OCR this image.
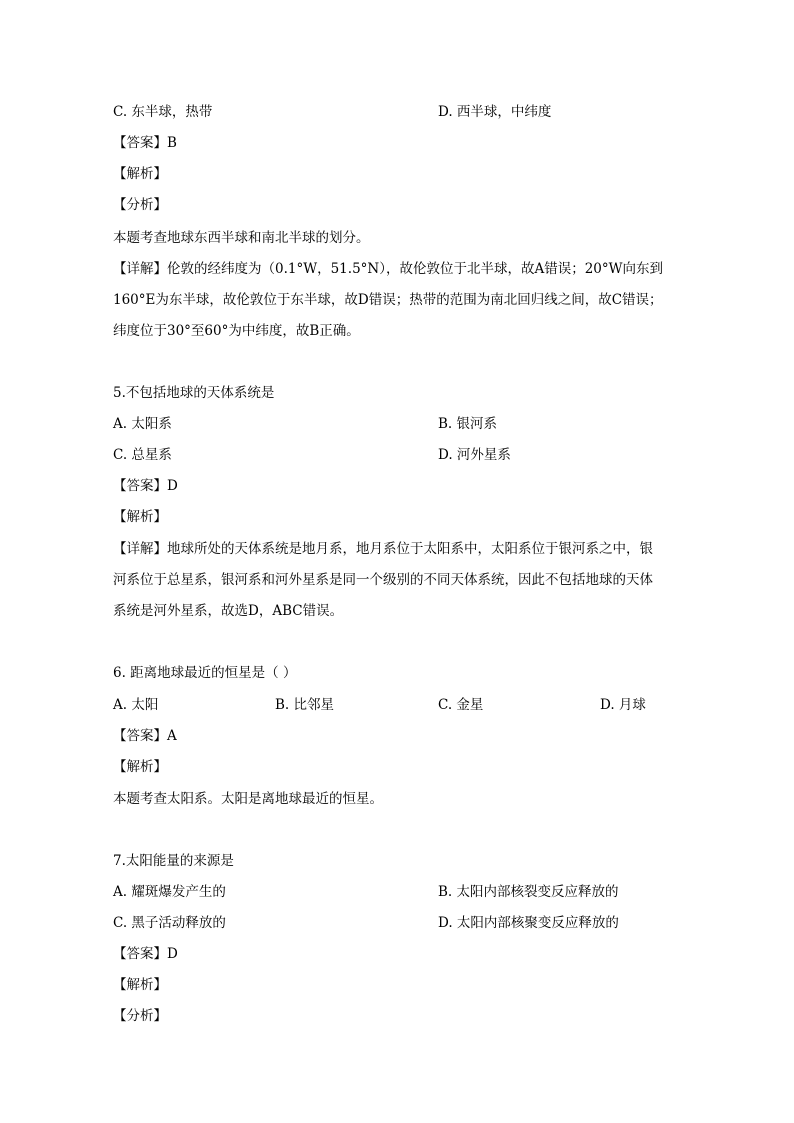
C. 东半球，热带	D. 西半球，中纬度
【答案】B
【解析】
【分析】
本题考查地球东西半球和南北半球的划分。
【详解】伦敦的经纬度为（0.1°W，51.5°N），故伦敦位于北半球，故A错误；20°W向东到
160°E为东半球，故伦敦位于东半球，故D错误；热带的范围为南北回归线之间，故C错误；
纬度位于30°至60°为中纬度，故B正确。
5.不包括地球的天体系统是
A. 太阳系	B. 银河系
C. 总星系	D. 河外星系
【答案】D
【解析】
【详解】地球所处的天体系统是地月系，地月系位于太阳系中，太阳系位于银河系之中，银
河系位于总星系，银河系和河外星系是同一个级别的不同天体系统，因此不包括地球的天体
系统是河外星系，故选D，ABC错误。
6. 距离地球最近的恒星是（ ）
A. 太阳	B. 比邻星	C. 金星	D. 月球
【答案】A
【解析】
本题考查太阳系。太阳是离地球最近的恒星。
7.太阳能量的来源是
A. 耀斑爆发产生的	B. 太阳内部核裂变反应释放的
C. 黑子活动释放的	D. 太阳内部核聚变反应释放的
【答案】D
【解析】
【分析】
